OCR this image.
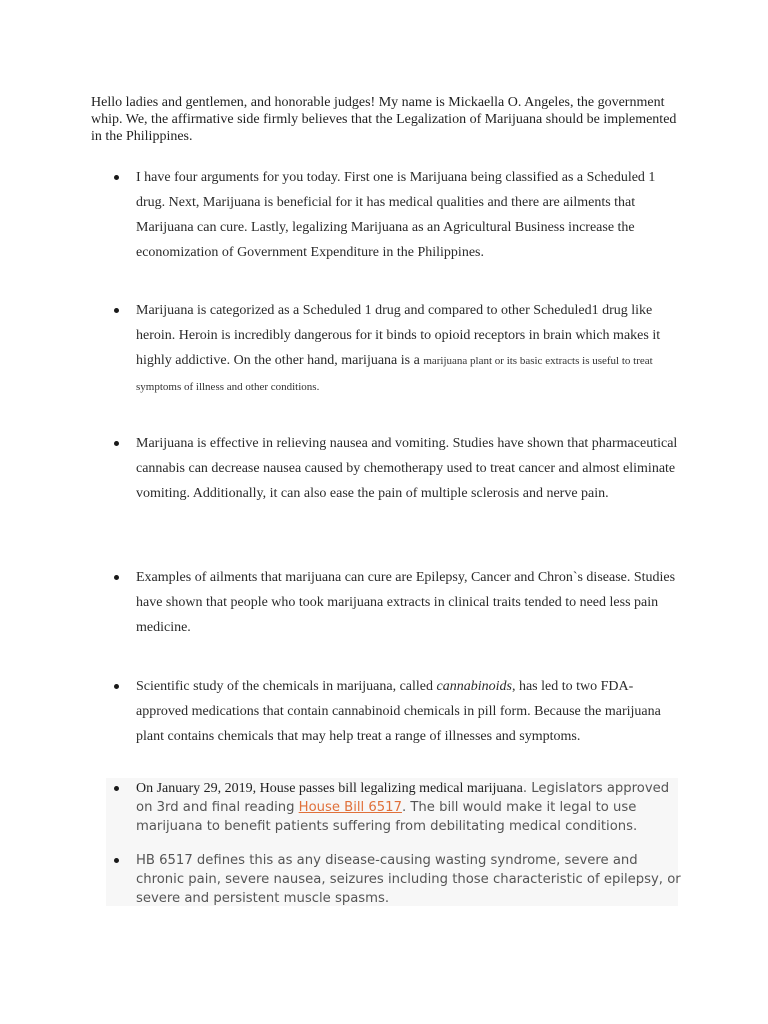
Hello ladies and gentlemen, and honorable judges! My name is Mickaella O. Angeles, the government whip. We, the affirmative side firmly believes that the Legalization of Marijuana should be implemented in the Philippines.

I have four arguments for you today. First one is Marijuana being classified as a Scheduled 1 drug. Next, Marijuana is beneficial for it has medical qualities and there are ailments that Marijuana can cure. Lastly, legalizing Marijuana as an Agricultural Business increase the economization of Government Expenditure in the Philippines.
Marijuana is categorized as a Scheduled 1 drug and compared to other Scheduled1 drug like heroin. Heroin is incredibly dangerous for it binds to opioid receptors in brain which makes it highly addictive. On the other hand, marijuana is a marijuana plant or its basic extracts is useful to treat symptoms of illness and other conditions.
Marijuana is effective in relieving nausea and vomiting. Studies have shown that pharmaceutical cannabis can decrease nausea caused by chemotherapy used to treat cancer and almost eliminate vomiting. Additionally, it can also ease the pain of multiple sclerosis and nerve pain.
Examples of ailments that marijuana can cure are Epilepsy, Cancer and Chron`s disease. Studies have shown that people who took marijuana extracts in clinical traits tended to need less pain medicine.
Scientific study of the chemicals in marijuana, called cannabinoids, has led to two FDA-approved medications that contain cannabinoid chemicals in pill form. Because the marijuana plant contains chemicals that may help treat a range of illnesses and symptoms.
On January 29, 2019, House passes bill legalizing medical marijuana. Legislators approved on 3rd and final reading House Bill 6517. The bill would make it legal to use marijuana to benefit patients suffering from debilitating medical conditions.
HB 6517 defines this as any disease-causing wasting syndrome, severe and chronic pain, severe nausea, seizures including those characteristic of epilepsy, or severe and persistent muscle spasms.
